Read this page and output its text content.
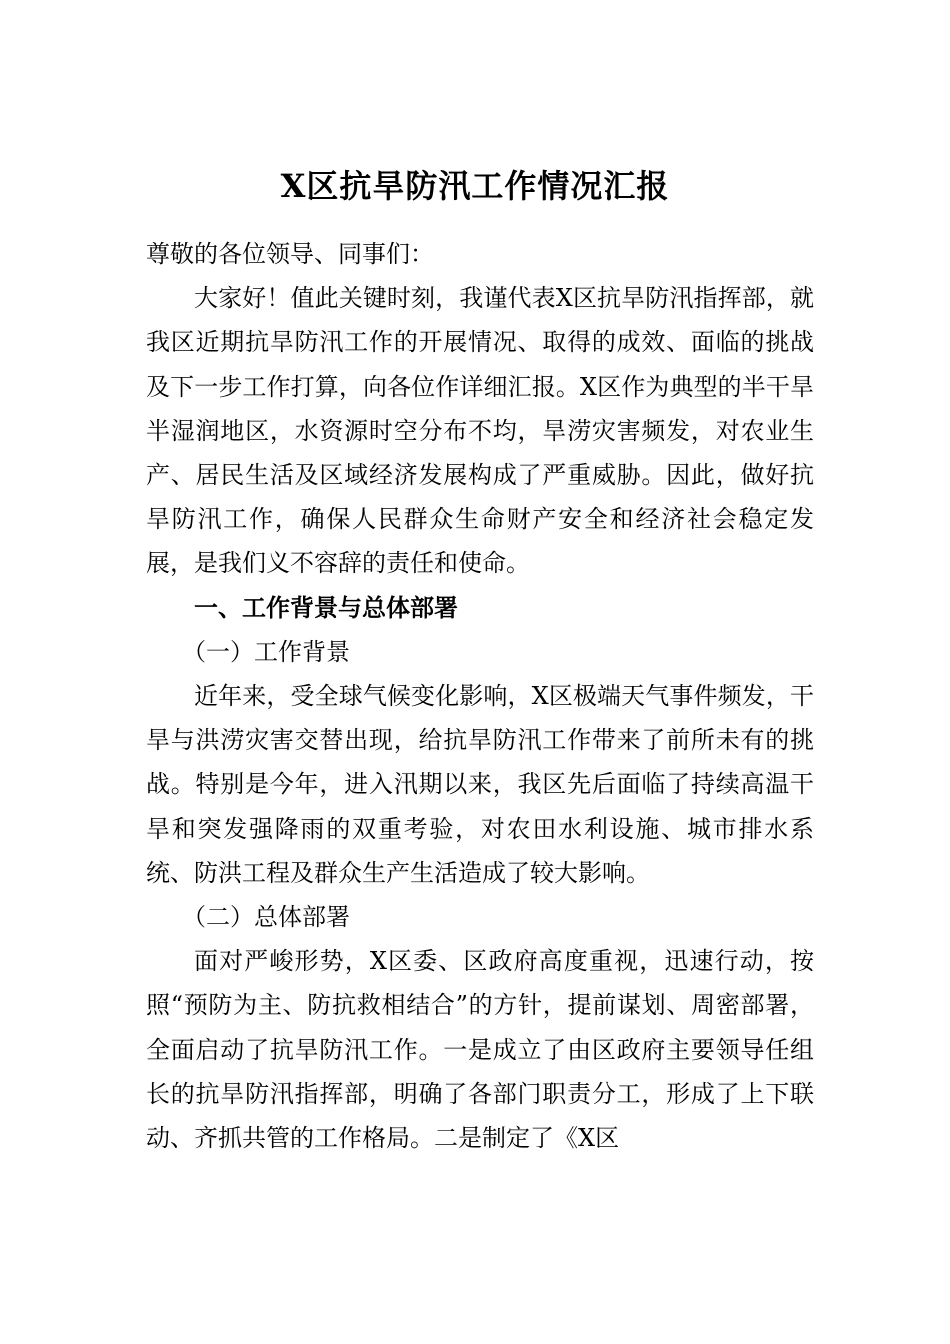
X区抗旱防汛工作情况汇报

尊敬的各位领导、同事们：

大家好！值此关键时刻，我谨代表X区抗旱防汛指挥部，就我区近期抗旱防汛工作的开展情况、取得的成效、面临的挑战及下一步工作打算，向各位作详细汇报。X区作为典型的半干旱半湿润地区，水资源时空分布不均，旱涝灾害频发，对农业生产、居民生活及区域经济发展构成了严重威胁。因此，做好抗旱防汛工作，确保人民群众生命财产安全和经济社会稳定发展，是我们义不容辞的责任和使命。

一、工作背景与总体部署

（一）工作背景

近年来，受全球气候变化影响，X区极端天气事件频发，干旱与洪涝灾害交替出现，给抗旱防汛工作带来了前所未有的挑战。特别是今年，进入汛期以来，我区先后面临了持续高温干旱和突发强降雨的双重考验，对农田水利设施、城市排水系统、防洪工程及群众生产生活造成了较大影响。

（二）总体部署

面对严峻形势，X区委、区政府高度重视，迅速行动，按照“预防为主、防抗救相结合”的方针，提前谋划、周密部署，全面启动了抗旱防汛工作。一是成立了由区政府主要领导任组长的抗旱防汛指挥部，明确了各部门职责分工，形成了上下联动、齐抓共管的工作格局。二是制定了《X区
